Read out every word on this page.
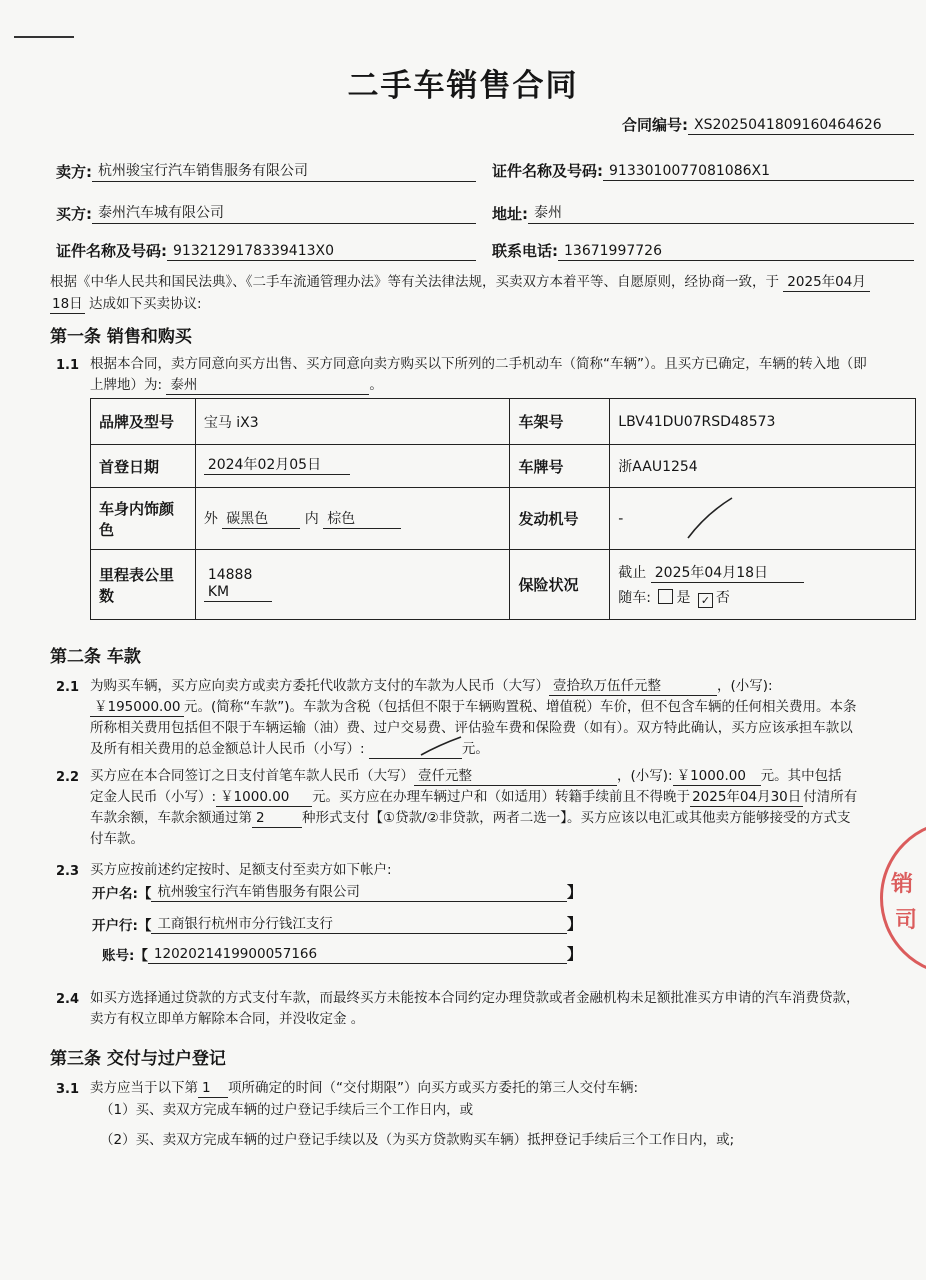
二手车销售合同
合同编号: XS2025041809160464626
卖方: 杭州骏宝行汽车销售服务有限公司	证件名称及号码: 9133010077081086X1
买方: 泰州汽车城有限公司	地址: 泰州
证件名称及号码: 9132129178339413X0	联系电话: 13671997726
根据《中华人民共和国民法典》、《二手车流通管理办法》等有关法律法规，买卖双方本着平等、自愿原则，经协商一致，于 2025年04月
18日 达成如下买卖协议:
第一条 销售和购买
1.1 根据本合同，卖方同意向买方出售、买方同意向卖方购买以下所列的二手机动车（简称“车辆”）。且买方已确定，车辆的转入地（即
上牌地）为: 泰州	。
品牌及型号	宝马 iX3	车架号	LBV41DU07RSD48573
首登日期	2024年02月05日	车牌号	浙AAU1254
车身内饰颜色	外 碳黑色 内 棕色	发动机号	-

里程表公里数	14888 KM	保险状况	截止 2025年04月18日
随车: 是 ✓ 否
第二条 车款
2.1 为购买车辆，买方应向卖方或卖方委托代收款方支付的车款为人民币（大写） 壹拾玖万伍仟元整	，(小写):
￥195000.00 元。(简称“车款”)。车款为含税（包括但不限于车辆购置税、增值税）车价，但不包含车辆的任何相关费用。本条
所称相关费用包括但不限于车辆运输（油）费、过户交易费、评估验车费和保险费（如有）。双方特此确认，买方应该承担车款以
及所有相关费用的总金额总计人民币（小写）:	元。
2.2 买方应在本合同签订之日支付首笔车款人民币（大写） 壹仟元整	，(小写): ￥1000.00 元。其中包括
定金人民币（小写）: ￥1000.00 元。买方应在办理车辆过户和（如适用）转籍手续前且不得晚于 2025年04月30日 付清所有
车款余额，车款余额通过第 2	种形式支付【①贷款/②非贷款，两者二选一】。买方应该以电汇或其他卖方能够接受的方式支
付车款。
2.3 买方应按前述约定按时、足额支付至卖方如下帐户:
开户名:【 杭州骏宝行汽车销售服务有限公司	】
开户行:【 工商银行杭州市分行钱江支行	】
账号:【 1202021419900057166	】
2.4 如买方选择通过贷款的方式支付车款，而最终买方未能按本合同约定办理贷款或者金融机构未足额批准买方申请的汽车消费贷款，
卖方有权立即单方解除本合同，并没收定金 。
第三条 交付与过户登记
3.1 卖方应当于以下第 1 项所确定的时间（“交付期限”）向买方或买方委托的第三人交付车辆:
（1）买、卖双方完成车辆的过户登记手续后三个工作日内，或
（2）买、卖双方完成车辆的过户登记手续以及（为买方贷款购买车辆）抵押登记手续后三个工作日内，或;
销
司
